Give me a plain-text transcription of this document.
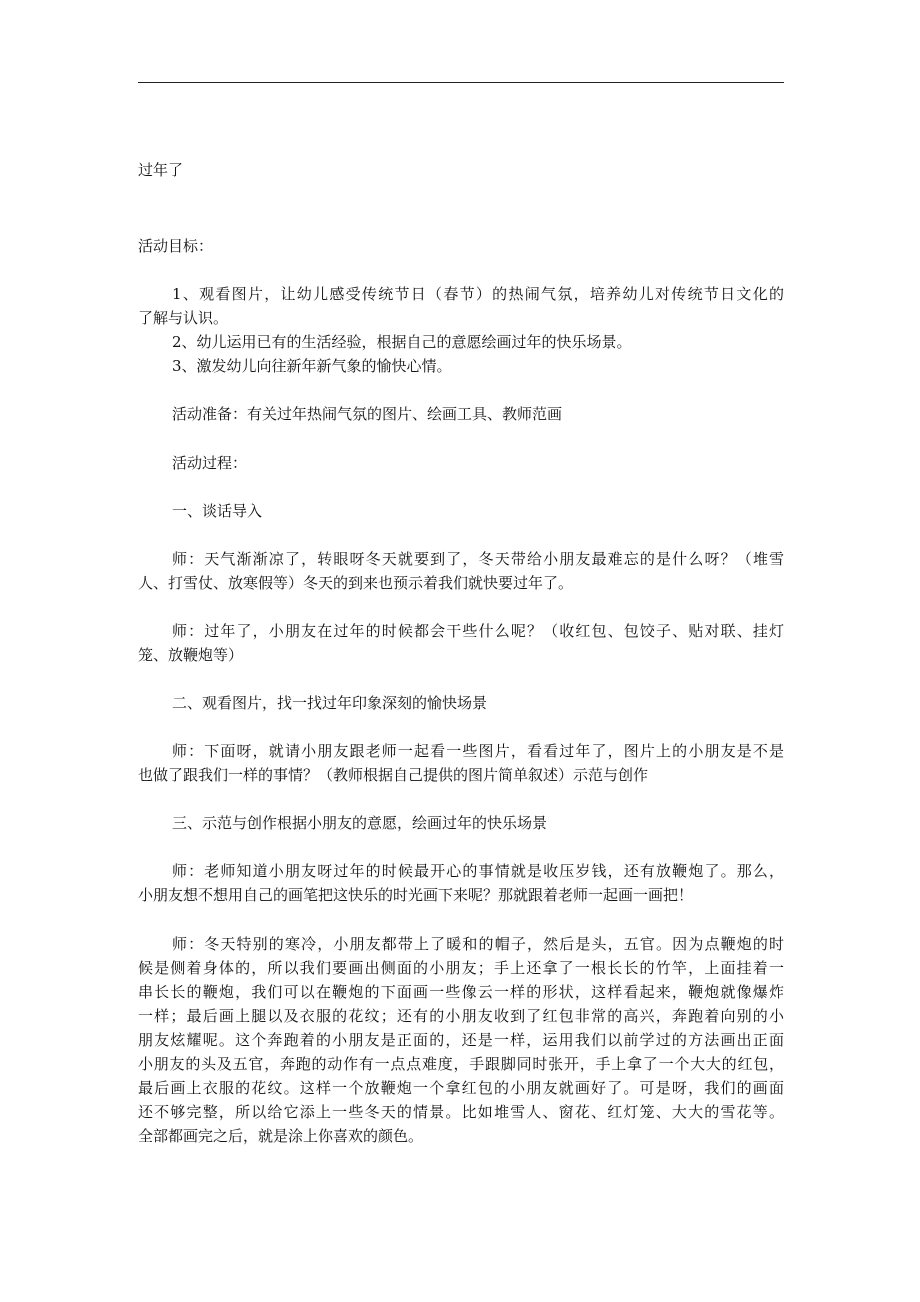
过年了
活动目标：
1、观看图片，让幼儿感受传统节日（春节）的热闹气氛，培养幼儿对传统节日文化的
了解与认识。
2、幼儿运用已有的生活经验，根据自己的意愿绘画过年的快乐场景。
3、激发幼儿向往新年新气象的愉快心情。
活动准备：有关过年热闹气氛的图片、绘画工具、教师范画
活动过程：
一、谈话导入
师：天气渐渐凉了，转眼呀冬天就要到了，冬天带给小朋友最难忘的是什么呀？（堆雪
人、打雪仗、放寒假等）冬天的到来也预示着我们就快要过年了。
师：过年了，小朋友在过年的时候都会干些什么呢？（收红包、包饺子、贴对联、挂灯
笼、放鞭炮等）
二、观看图片，找一找过年印象深刻的愉快场景
师：下面呀，就请小朋友跟老师一起看一些图片，看看过年了，图片上的小朋友是不是
也做了跟我们一样的事情？（教师根据自己提供的图片简单叙述）示范与创作
三、示范与创作根据小朋友的意愿，绘画过年的快乐场景
师：老师知道小朋友呀过年的时候最开心的事情就是收压岁钱，还有放鞭炮了。那么，
小朋友想不想用自己的画笔把这快乐的时光画下来呢？那就跟着老师一起画一画把！
师：冬天特别的寒冷，小朋友都带上了暖和的帽子，然后是头，五官。因为点鞭炮的时
候是侧着身体的，所以我们要画出侧面的小朋友；手上还拿了一根长长的竹竿，上面挂着一
串长长的鞭炮，我们可以在鞭炮的下面画一些像云一样的形状，这样看起来，鞭炮就像爆炸
一样；最后画上腿以及衣服的花纹；还有的小朋友收到了红包非常的高兴，奔跑着向别的小
朋友炫耀呢。这个奔跑着的小朋友是正面的，还是一样，运用我们以前学过的方法画出正面
小朋友的头及五官，奔跑的动作有一点点难度，手跟脚同时张开，手上拿了一个大大的红包，
最后画上衣服的花纹。这样一个放鞭炮一个拿红包的小朋友就画好了。可是呀，我们的画面
还不够完整，所以给它添上一些冬天的情景。比如堆雪人、窗花、红灯笼、大大的雪花等。
全部都画完之后，就是涂上你喜欢的颜色。
